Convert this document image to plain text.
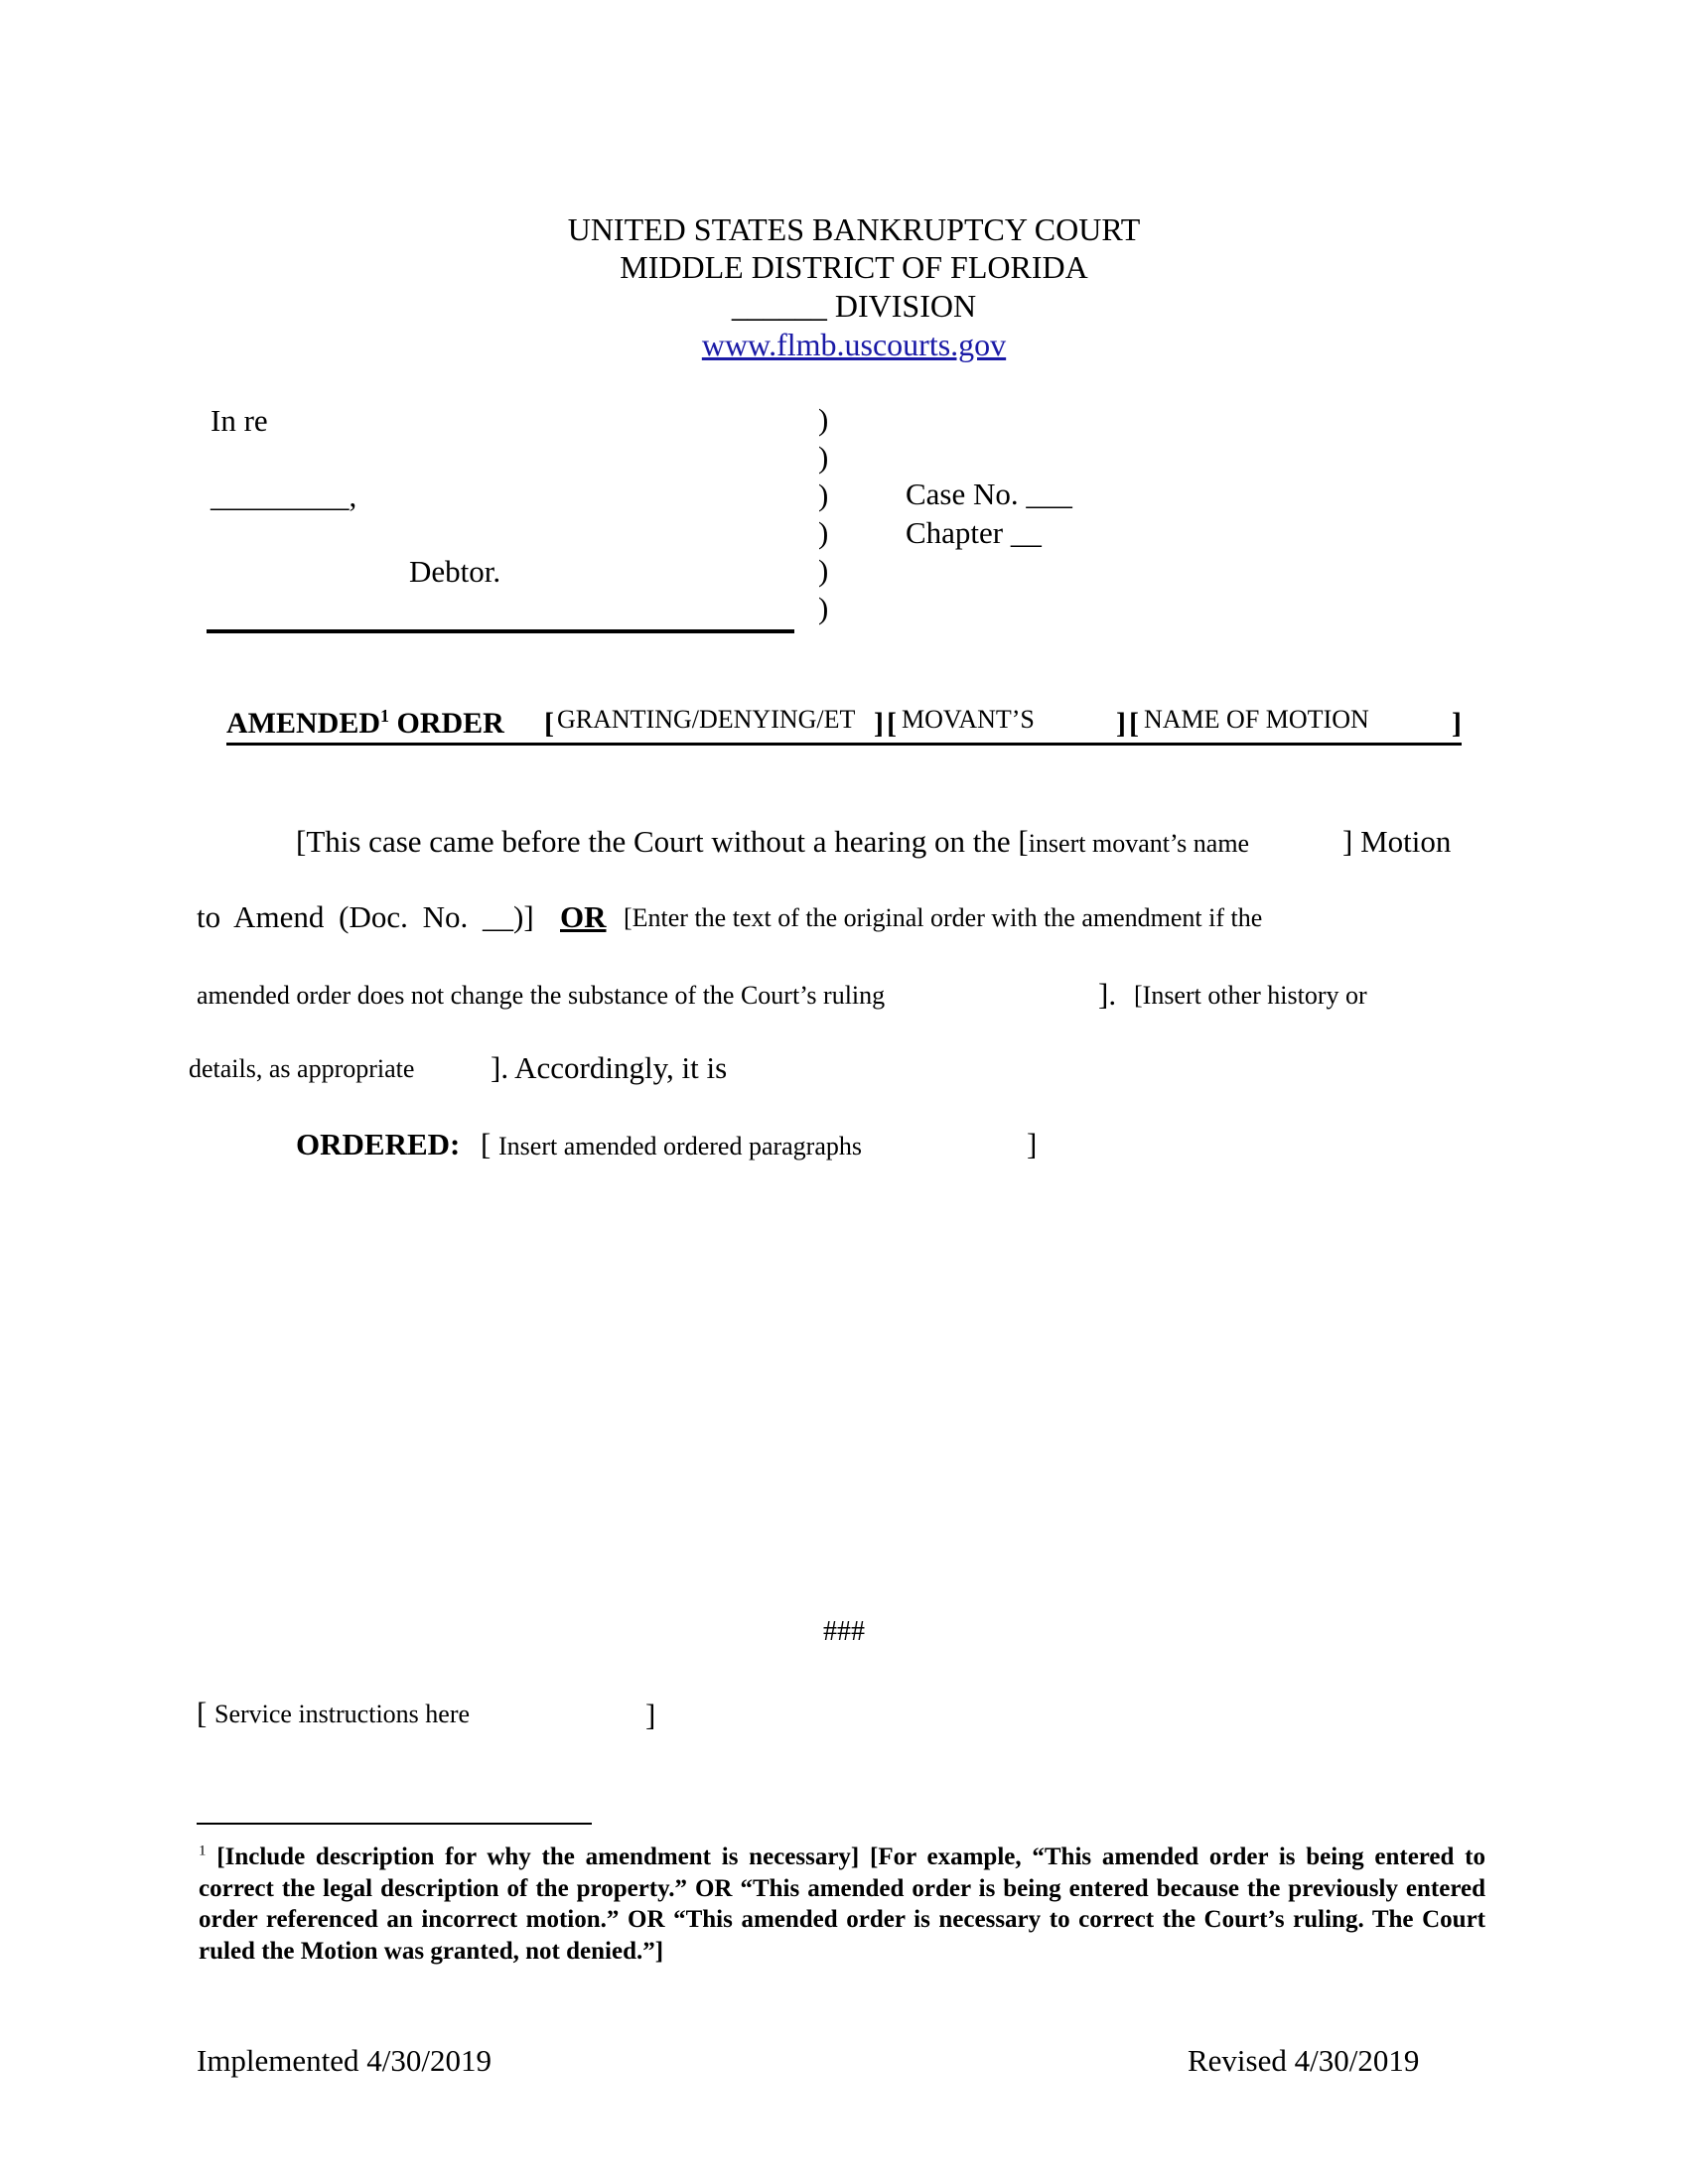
UNITED STATES BANKRUPTCY COURT
MIDDLE DISTRICT OF FLORIDA
______ DIVISION
www.flmb.uscourts.gov
In re
_________,
Debtor.
)
)
)
)
)
)
Case No. ___
Chapter __
AMENDED$^1$ ORDER [ GRANTING/DENYING/ET ] [ MOVANT’S	] [ NAME OF MOTION	]
[This case came before the Court without a hearing on the [insert movant’s name	] Motion
to Amend (Doc. No. __)] OR [Enter the text of the original order with the amendment if the
amended order does not change the substance of the Court’s ruling	]. [Insert other history or
details, as appropriate ]. Accordingly, it is
ORDERED: [ Insert amended ordered paragraphs	]
###
[ Service instructions here	]
$^1$ [Include description for why the amendment is necessary] [For example, “This amended order is being entered to correct the legal description of the property.” OR “This amended order is being entered because the previously entered order referenced an incorrect motion.” OR “This amended order is necessary to correct the Court’s ruling. The Court ruled the Motion was granted, not denied.”]
Implemented 4/30/2019	Revised 4/30/2019
